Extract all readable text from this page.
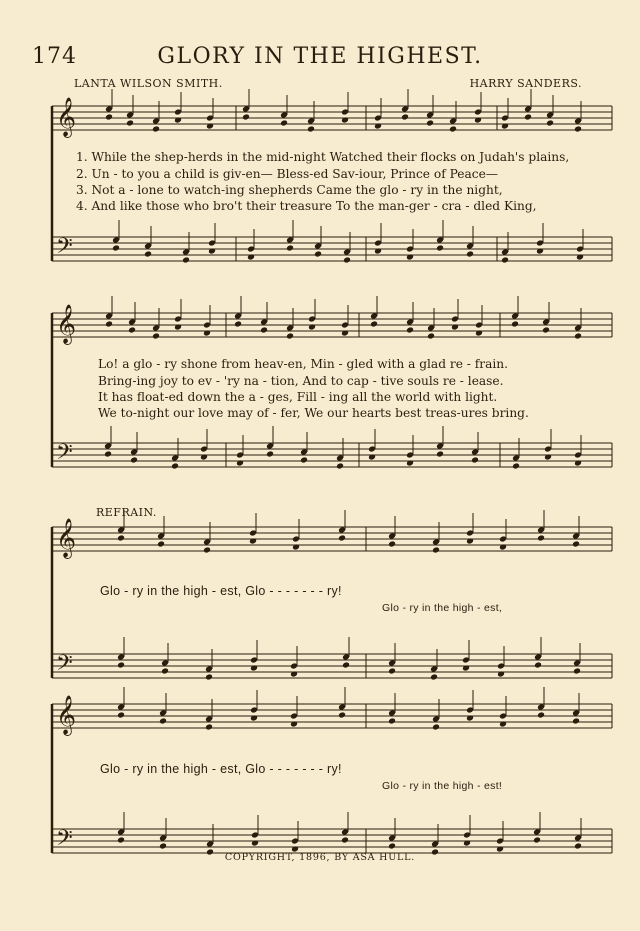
𝄞
𝄢
𝄞
𝄢
𝄞
𝄢
𝄞
𝄢
174	GLORY IN THE HIGHEST.
LANTA WILSON SMITH.	HARRY SANDERS.
1. While the shep-herds in the mid-night Watched their flocks on Judah's plains,
2. Un - to you a child is giv-en— Bless-ed Sav-iour, Prince of Peace—
3. Not a - lone to watch-ing shepherds Came the glo - ry in the night,
4. And like those who bro't their treasure To the man-ger - cra - dled King,
Lo! a glo - ry shone from heav-en, Min - gled with a glad re - frain.
Bring-ing joy to ev - 'ry na - tion, And to cap - tive souls re - lease.
It has float-ed down the a - ges, Fill - ing all the world with light.
We to-night our love may of - fer, We our hearts best treas-ures bring.
REFRAIN.
Glo - ry in the high - est, Glo - - - - - - - ry!
Glo - ry in the high - est,
Glo - ry in the high - est, Glo - - - - - - - ry!
Glo - ry in the high - est!
COPYRIGHT, 1896, BY ASA HULL.
